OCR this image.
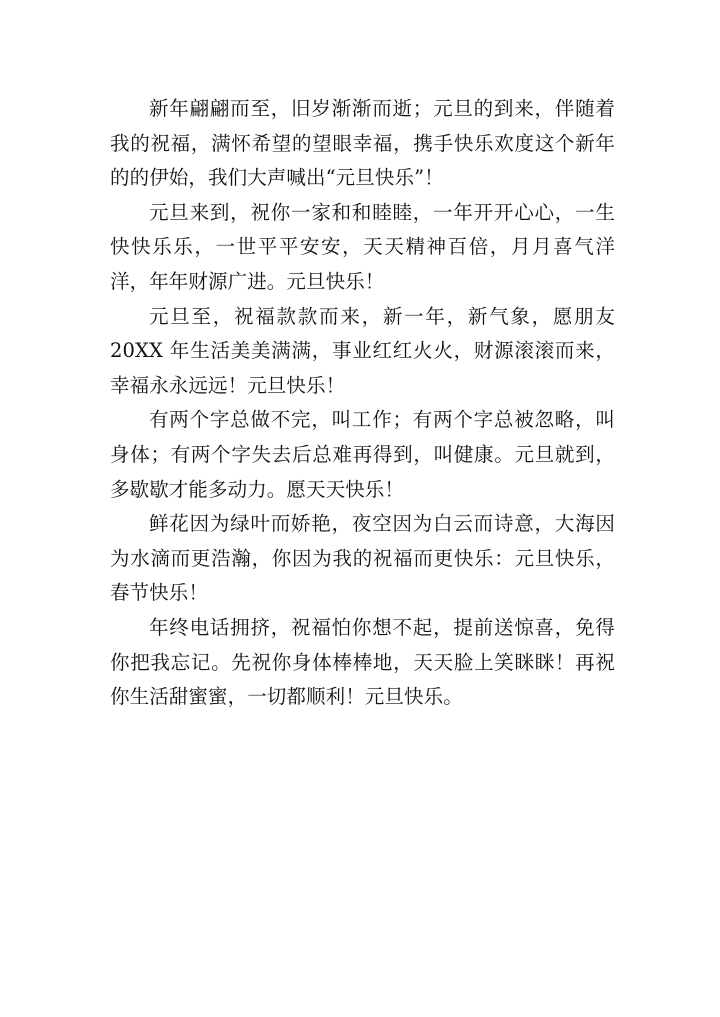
新年翩翩而至，旧岁渐渐而逝；元旦的到来，伴随着我的祝福，满怀希望的望眼幸福，携手快乐欢度这个新年的的伊始，我们大声喊出“元旦快乐”！

元旦来到，祝你一家和和睦睦，一年开开心心，一生快快乐乐，一世平平安安，天天精神百倍，月月喜气洋洋，年年财源广进。元旦快乐！

元旦至，祝福款款而来，新一年，新气象，愿朋友 20XX 年生活美美满满，事业红红火火，财源滚滚而来，幸福永永远远！元旦快乐！

有两个字总做不完，叫工作；有两个字总被忽略，叫身体；有两个字失去后总难再得到，叫健康。元旦就到，多歇歇才能多动力。愿天天快乐！

鲜花因为绿叶而娇艳，夜空因为白云而诗意，大海因为水滴而更浩瀚，你因为我的祝福而更快乐：元旦快乐，春节快乐！

年终电话拥挤，祝福怕你想不起，提前送惊喜，免得你把我忘记。先祝你身体棒棒地，天天脸上笑眯眯！再祝你生活甜蜜蜜，一切都顺利！元旦快乐。
